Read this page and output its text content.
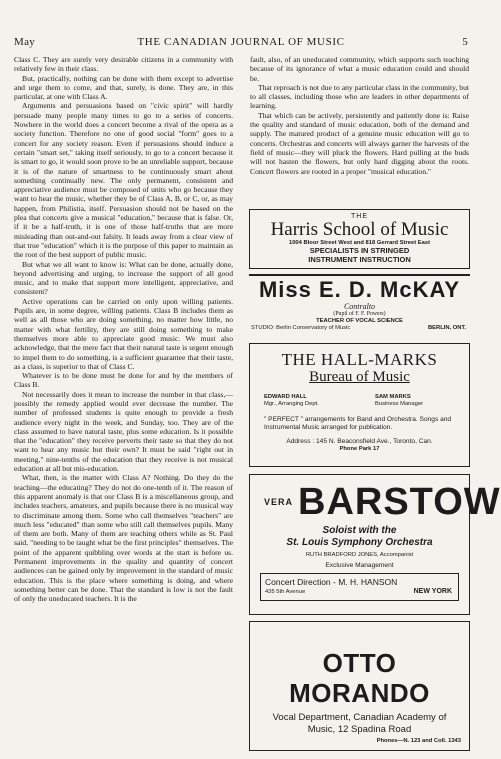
May	THE CANADIAN JOURNAL OF MUSIC	5

Class C. They are surely very desirable citizens in a community with relatively few in their class.

But, practically, nothing can be done with them except to advertise and urge them to come, and that, surely, is done. They are, in this particular, at one with Class A.

Arguments and persuasions based on "civic spirit" will hardly persuade many people many times to go to a series of concerts. Nowhere in the world does a concert become a rival of the opera as a society function. Therefore no one of good social "form" goes to a concert for any society reason. Even if persuasions should induce a certain "smart set," taking itself seriously, to go to a concert because it is smart to go, it would soon prove to be an unreliable support, because it is of the nature of smartness to be continuously smart about something continually new. The only permanent, consistent and appreciative audience must be composed of units who go because they want to hear the music, whether they be of Class A, B, or C, or, as may happen, from Philistia, itself. Persuasion should not be based on the plea that concerts give a musical "education," because that is false. Or, if it be a half-truth, it is one of those half-truths that are more misleading than out-and-out falsity. It leads away from a clear view of that true "education" which it is the purpose of this paper to maintain as the root of the best support of public music.

But what we all want to know is: What can be done, actually done, beyond advertising and urging, to increase the support of all good music, and to make that support more intelligent, appreciative, and consistent?

Active operations can be carried on only upon willing patients. Pupils are, in some degree, willing patients. Class B includes them as well as all those who are doing something, no matter how little, no matter with what fertility, they are still doing something to make themselves more able to appreciate good music. We must also acknowledge, that the mere fact that their natural taste is urgent enough to impel them to do something, is a sufficient guarantee that their taste, as a class, is superior to that of Class C.

Whatever is to be done must be done for and by the members of Class B.

Not necessarily does it mean to increase the number in that class,—possibly the remedy applied would ever decrease the number. The number of professed students is quite enough to provide a fresh audience every night in the week, and Sunday, too. They are of the class assumed to have natural taste, plus some education. Is it possible that the "education" they receive perverts their taste so that they do not want to hear any music but their own? It must be said "right out in meeting," nine-tenths of the education that they receive is not musical education at all but mis-education.

What, then, is the matter with Class A? Nothing. Do they do the teaching—the educating? They do not do one-tenth of it. The reason of this apparent anomaly is that our Class B is a miscellaneous group, and includes teachers, amateurs, and pupils because there is no musical way to discriminate among them. Some who call themselves "teachers" are much less "educated" than some who still call themselves pupils. Many of them are both. Many of them are teaching others while as St. Paul said, "needing to be taught what be the first principles" themselves. The point of the apparent quibbling over words at the start is before us. Permanent improvements in the quality and quantity of concert audiences can be gained only by improvement in the standard of music education. This is the place where something is doing, and where something better can be done. That the standard is low is not the fault of only the uneducated teachers. It is the

fault, also, of an uneducated community, which supports such teaching because of its ignorance of what a music education could and should be.

That reproach is not due to any particular class in the community, but to all classes, including those who are leaders in other departments of learning.

That which can be actively, persistently and patiently done is: Raise the quality and standard of music education, both of the demand and supply. The matured product of a genuine music education will go to concerts. Orchestras and concerts will always garner the harvests of the field of music—they will pluck the flowers. Hard pulling at the buds will not hasten the flowers, but only hard digging about the roots. Concert flowers are rooted in a proper "musical education."

THE
Harris School of Music
1004 Bloor Street West and 818 Gerrard Street East
SPECIALISTS IN STRINGED
INSTRUMENT INSTRUCTION
Miss E. D. McKAY
Contralto
(Pupil of F. F. Powers)
TEACHER OF VOCAL SCIENCE
STUDIO: Berlin Conservatory of Music	BERLIN, ONT.
THE HALL-MARKS
Bureau of Music
EDWARD HALL
Mgr., Arranging Dept.
SAM MARKS
Business Manager
" PERFECT " arrangements for Band and Orchestra. Songs and Instrumental Music arranged for publication.
Address : 145 N. Beaconsfield Ave., Toronto, Can.
Phone Park 17
VERA BARSTOW
Soloist with the
St. Louis Symphony Orchestra
RUTH BRADFORD JONES, Accompanist
Exclusive Management
Concert Direction - M. H. HANSON
435 5th Avenue	NEW YORK
OTTO MORANDO
Vocal Department, Canadian Academy of
Music, 12 Spadina Road
Phones—N. 123 and Coll. 1343
